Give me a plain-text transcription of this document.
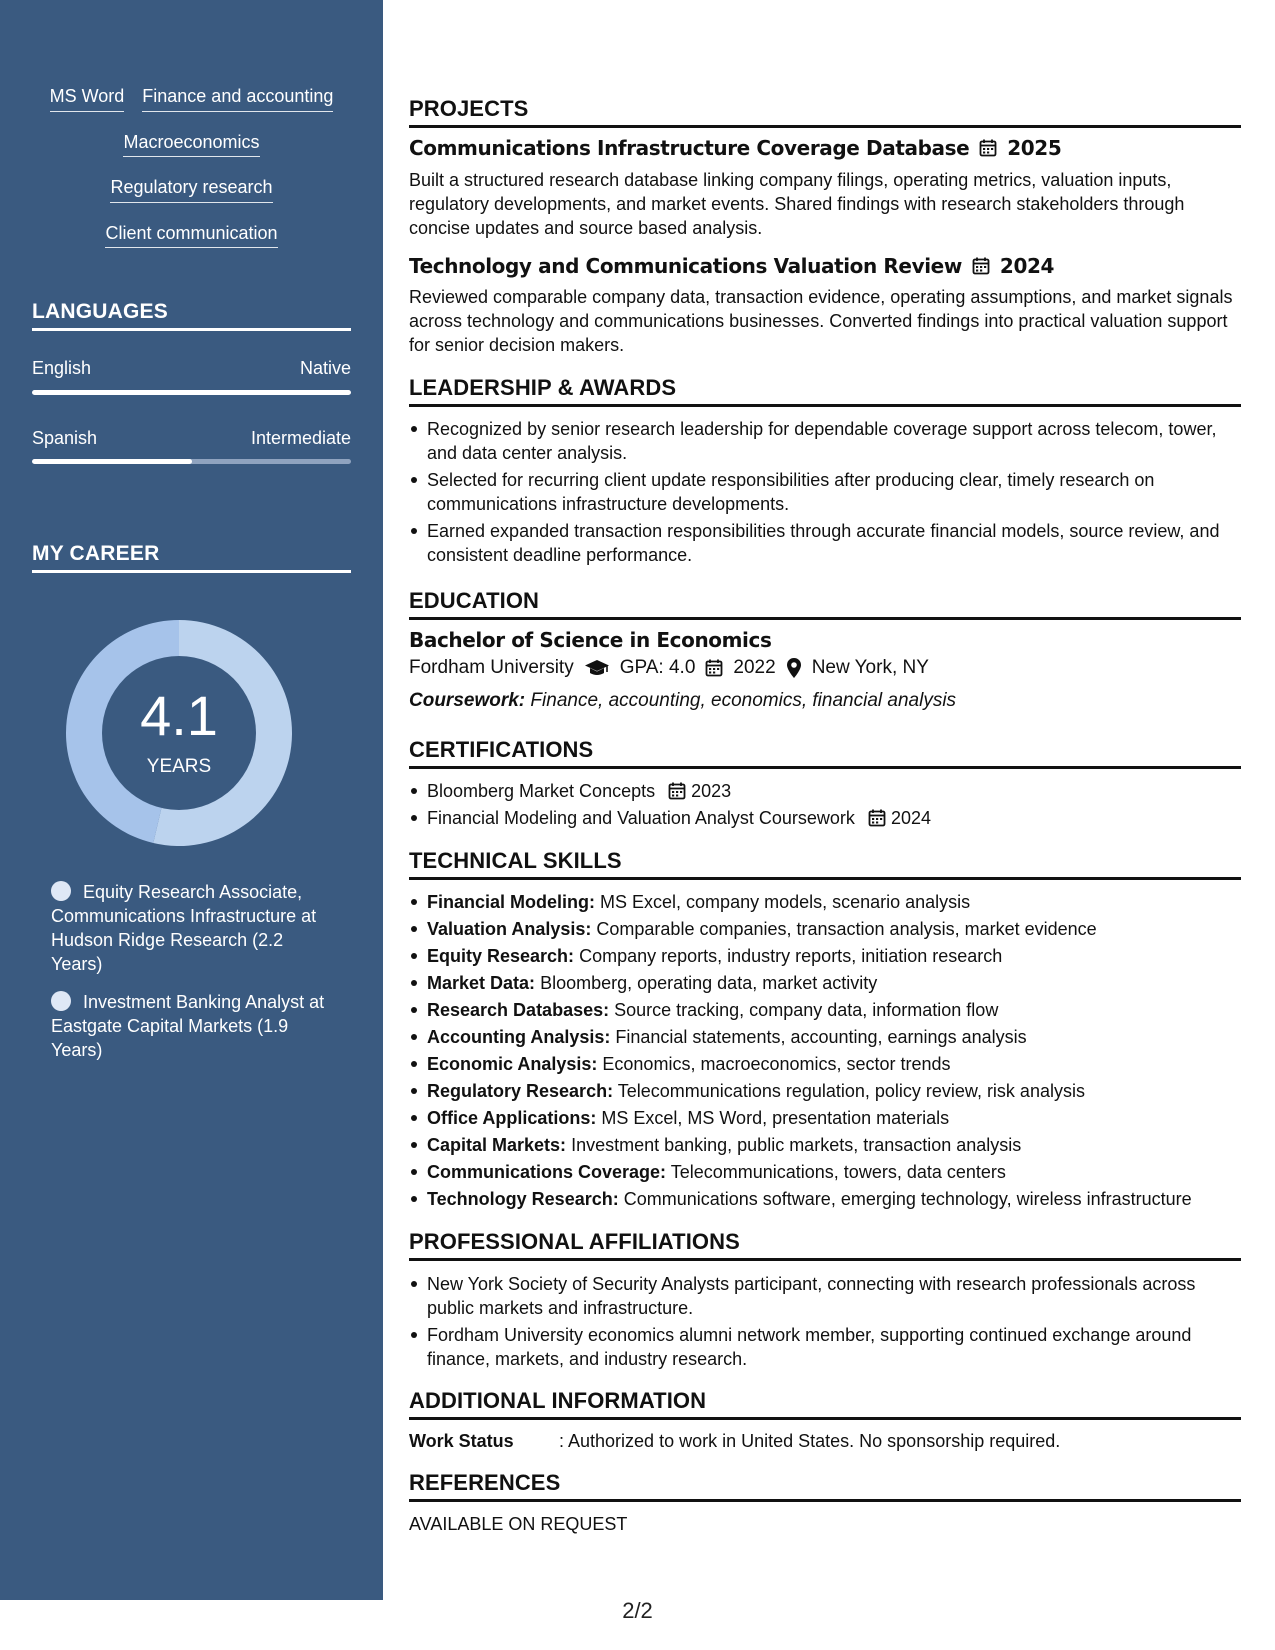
MS Word Finance and accounting
Macroeconomics
Regulatory research
Client communication
LANGUAGES
English	Native
Spanish	Intermediate
MY CAREER
4.1
YEARS
Equity Research Associate, Communications Infrastructure at Hudson Ridge Research (2.2 Years)
Investment Banking Analyst at Eastgate Capital Markets (1.9 Years)
PROJECTS
Communications Infrastructure Coverage Database 2025
Built a structured research database linking company filings, operating metrics, valuation inputs, regulatory developments, and market events. Shared findings with research stakeholders through concise updates and source based analysis.
Technology and Communications Valuation Review 2024
Reviewed comparable company data, transaction evidence, operating assumptions, and market signals across technology and communications businesses. Converted findings into practical valuation support for senior decision makers.
LEADERSHIP & AWARDS
Recognized by senior research leadership for dependable coverage support across telecom, tower, and data center analysis.
Selected for recurring client update responsibilities after producing clear, timely research on communications infrastructure developments.
Earned expanded transaction responsibilities through accurate financial models, source review, and consistent deadline performance.
EDUCATION
Bachelor of Science in Economics
Fordham University GPA: 4.0 2022 New York, NY
Coursework: Finance, accounting, economics, financial analysis
CERTIFICATIONS
Bloomberg Market Concepts 2023
Financial Modeling and Valuation Analyst Coursework 2024
TECHNICAL SKILLS
Financial Modeling: MS Excel, company models, scenario analysis
Valuation Analysis: Comparable companies, transaction analysis, market evidence
Equity Research: Company reports, industry reports, initiation research
Market Data: Bloomberg, operating data, market activity
Research Databases: Source tracking, company data, information flow
Accounting Analysis: Financial statements, accounting, earnings analysis
Economic Analysis: Economics, macroeconomics, sector trends
Regulatory Research: Telecommunications regulation, policy review, risk analysis
Office Applications: MS Excel, MS Word, presentation materials
Capital Markets: Investment banking, public markets, transaction analysis
Communications Coverage: Telecommunications, towers, data centers
Technology Research: Communications software, emerging technology, wireless infrastructure
PROFESSIONAL AFFILIATIONS
New York Society of Security Analysts participant, connecting with research professionals across public markets and infrastructure.
Fordham University economics alumni network member, supporting continued exchange around finance, markets, and industry research.
ADDITIONAL INFORMATION
Work Status	: Authorized to work in United States. No sponsorship required.
REFERENCES
AVAILABLE ON REQUEST
2/2
